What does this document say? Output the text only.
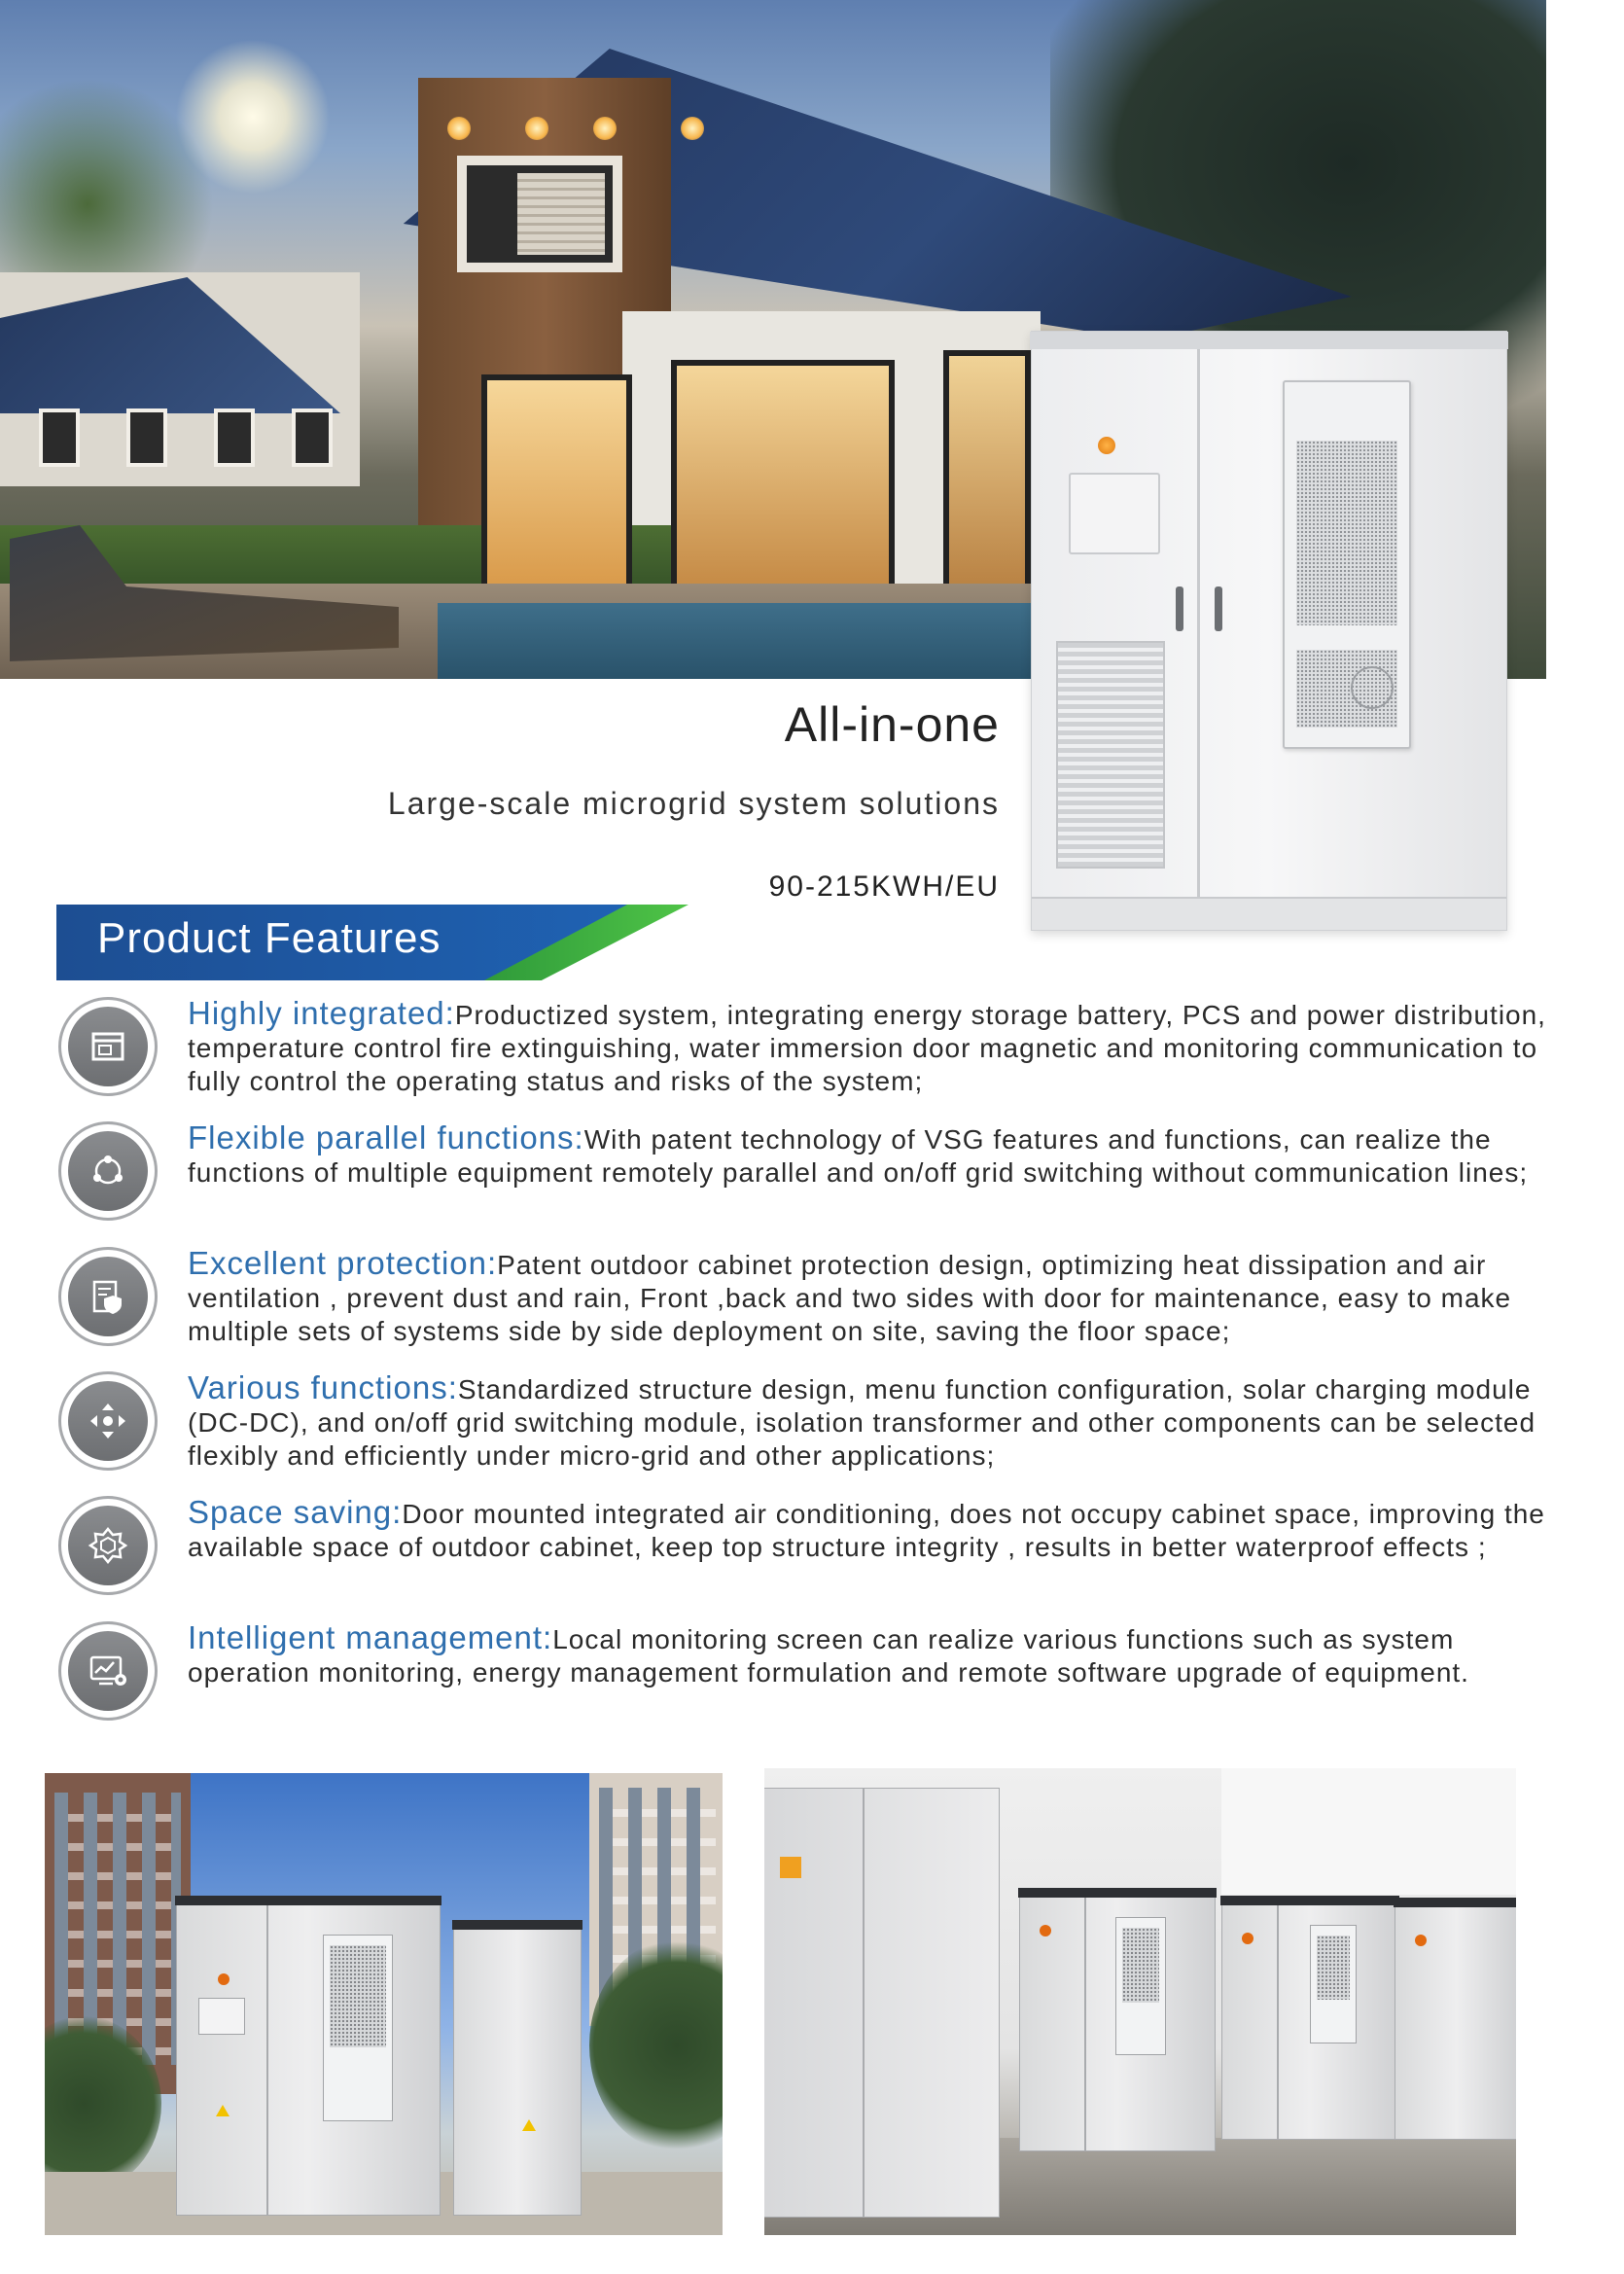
All-in-one
Large-scale microgrid system solutions
90-215KWH/EU
Product Features
Highly integrated:Productized system, integrating energy storage battery, PCS and power distribution, temperature control fire extinguishing, water immersion door magnetic and monitoring communication to fully control the operating status and risks of the system;
Flexible parallel functions:With patent technology of VSG features and functions, can realize the functions of multiple equipment remotely parallel and on/off grid switching without communication lines;
Excellent protection:Patent outdoor cabinet protection design, optimizing heat dissipation and air ventilation , prevent dust and rain, Front ,back and two sides with door for maintenance, easy to make multiple sets of systems side by side deployment on site, saving the floor space;
Various functions:Standardized structure design, menu function configuration, solar charging module (DC-DC), and on/off grid switching module, isolation transformer and other components can be selected flexibly and efficiently under micro-grid and other applications;
Space saving:Door mounted integrated air conditioning, does not occupy cabinet space, improving the available space of outdoor cabinet, keep top structure integrity , results in better waterproof effects ;
Intelligent management:Local monitoring screen can realize various functions such as system operation monitoring, energy management formulation and remote software upgrade of equipment.
